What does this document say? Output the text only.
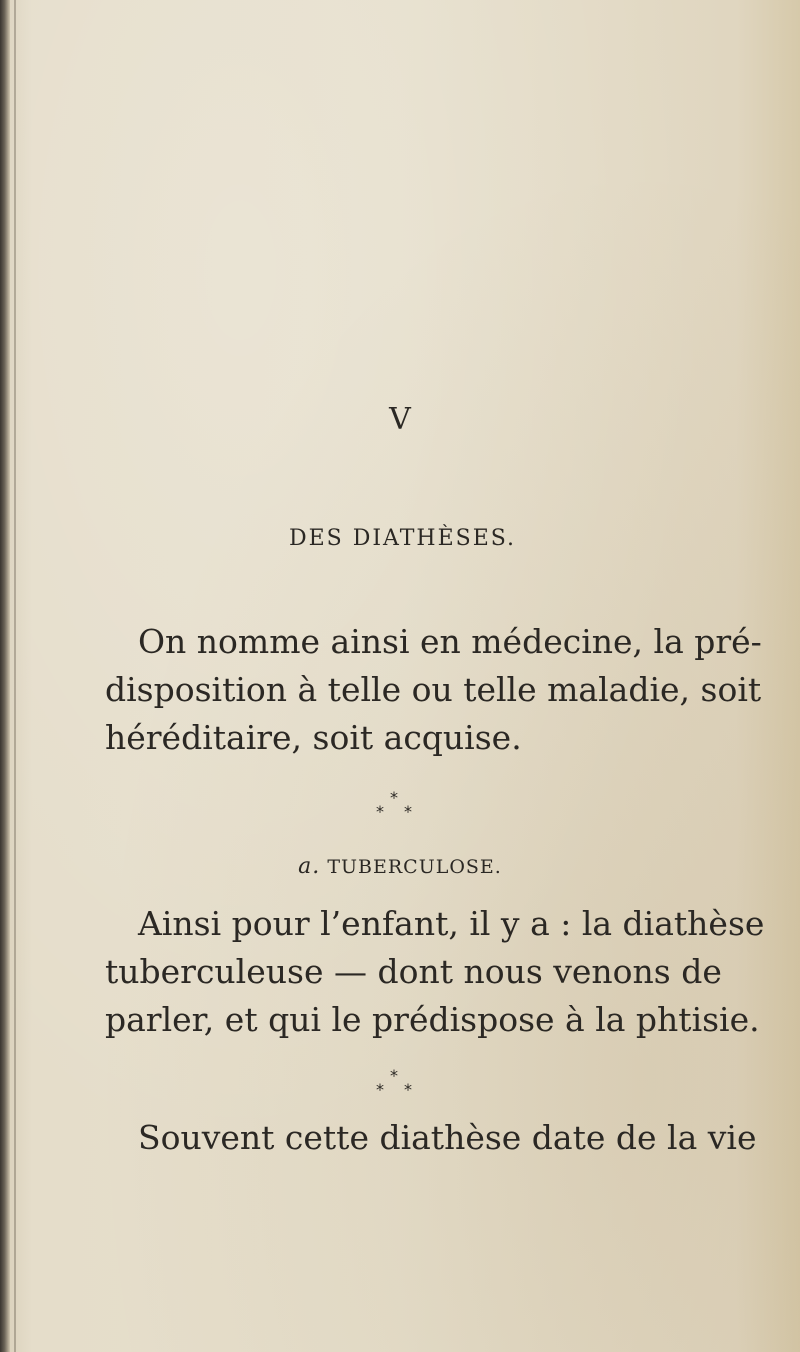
V
DES DIATHÈSES.
On nomme ainsi en médecine, la pré-
disposition à telle ou telle maladie, soit
héréditaire, soit acquise.
*
* *
a. TUBERCULOSE.
Ainsi pour l’enfant, il y a : la diathèse
tuberculeuse — dont nous venons de
parler, et qui le prédispose à la phtisie.
*
* *
Souvent cette diathèse date de la vie
